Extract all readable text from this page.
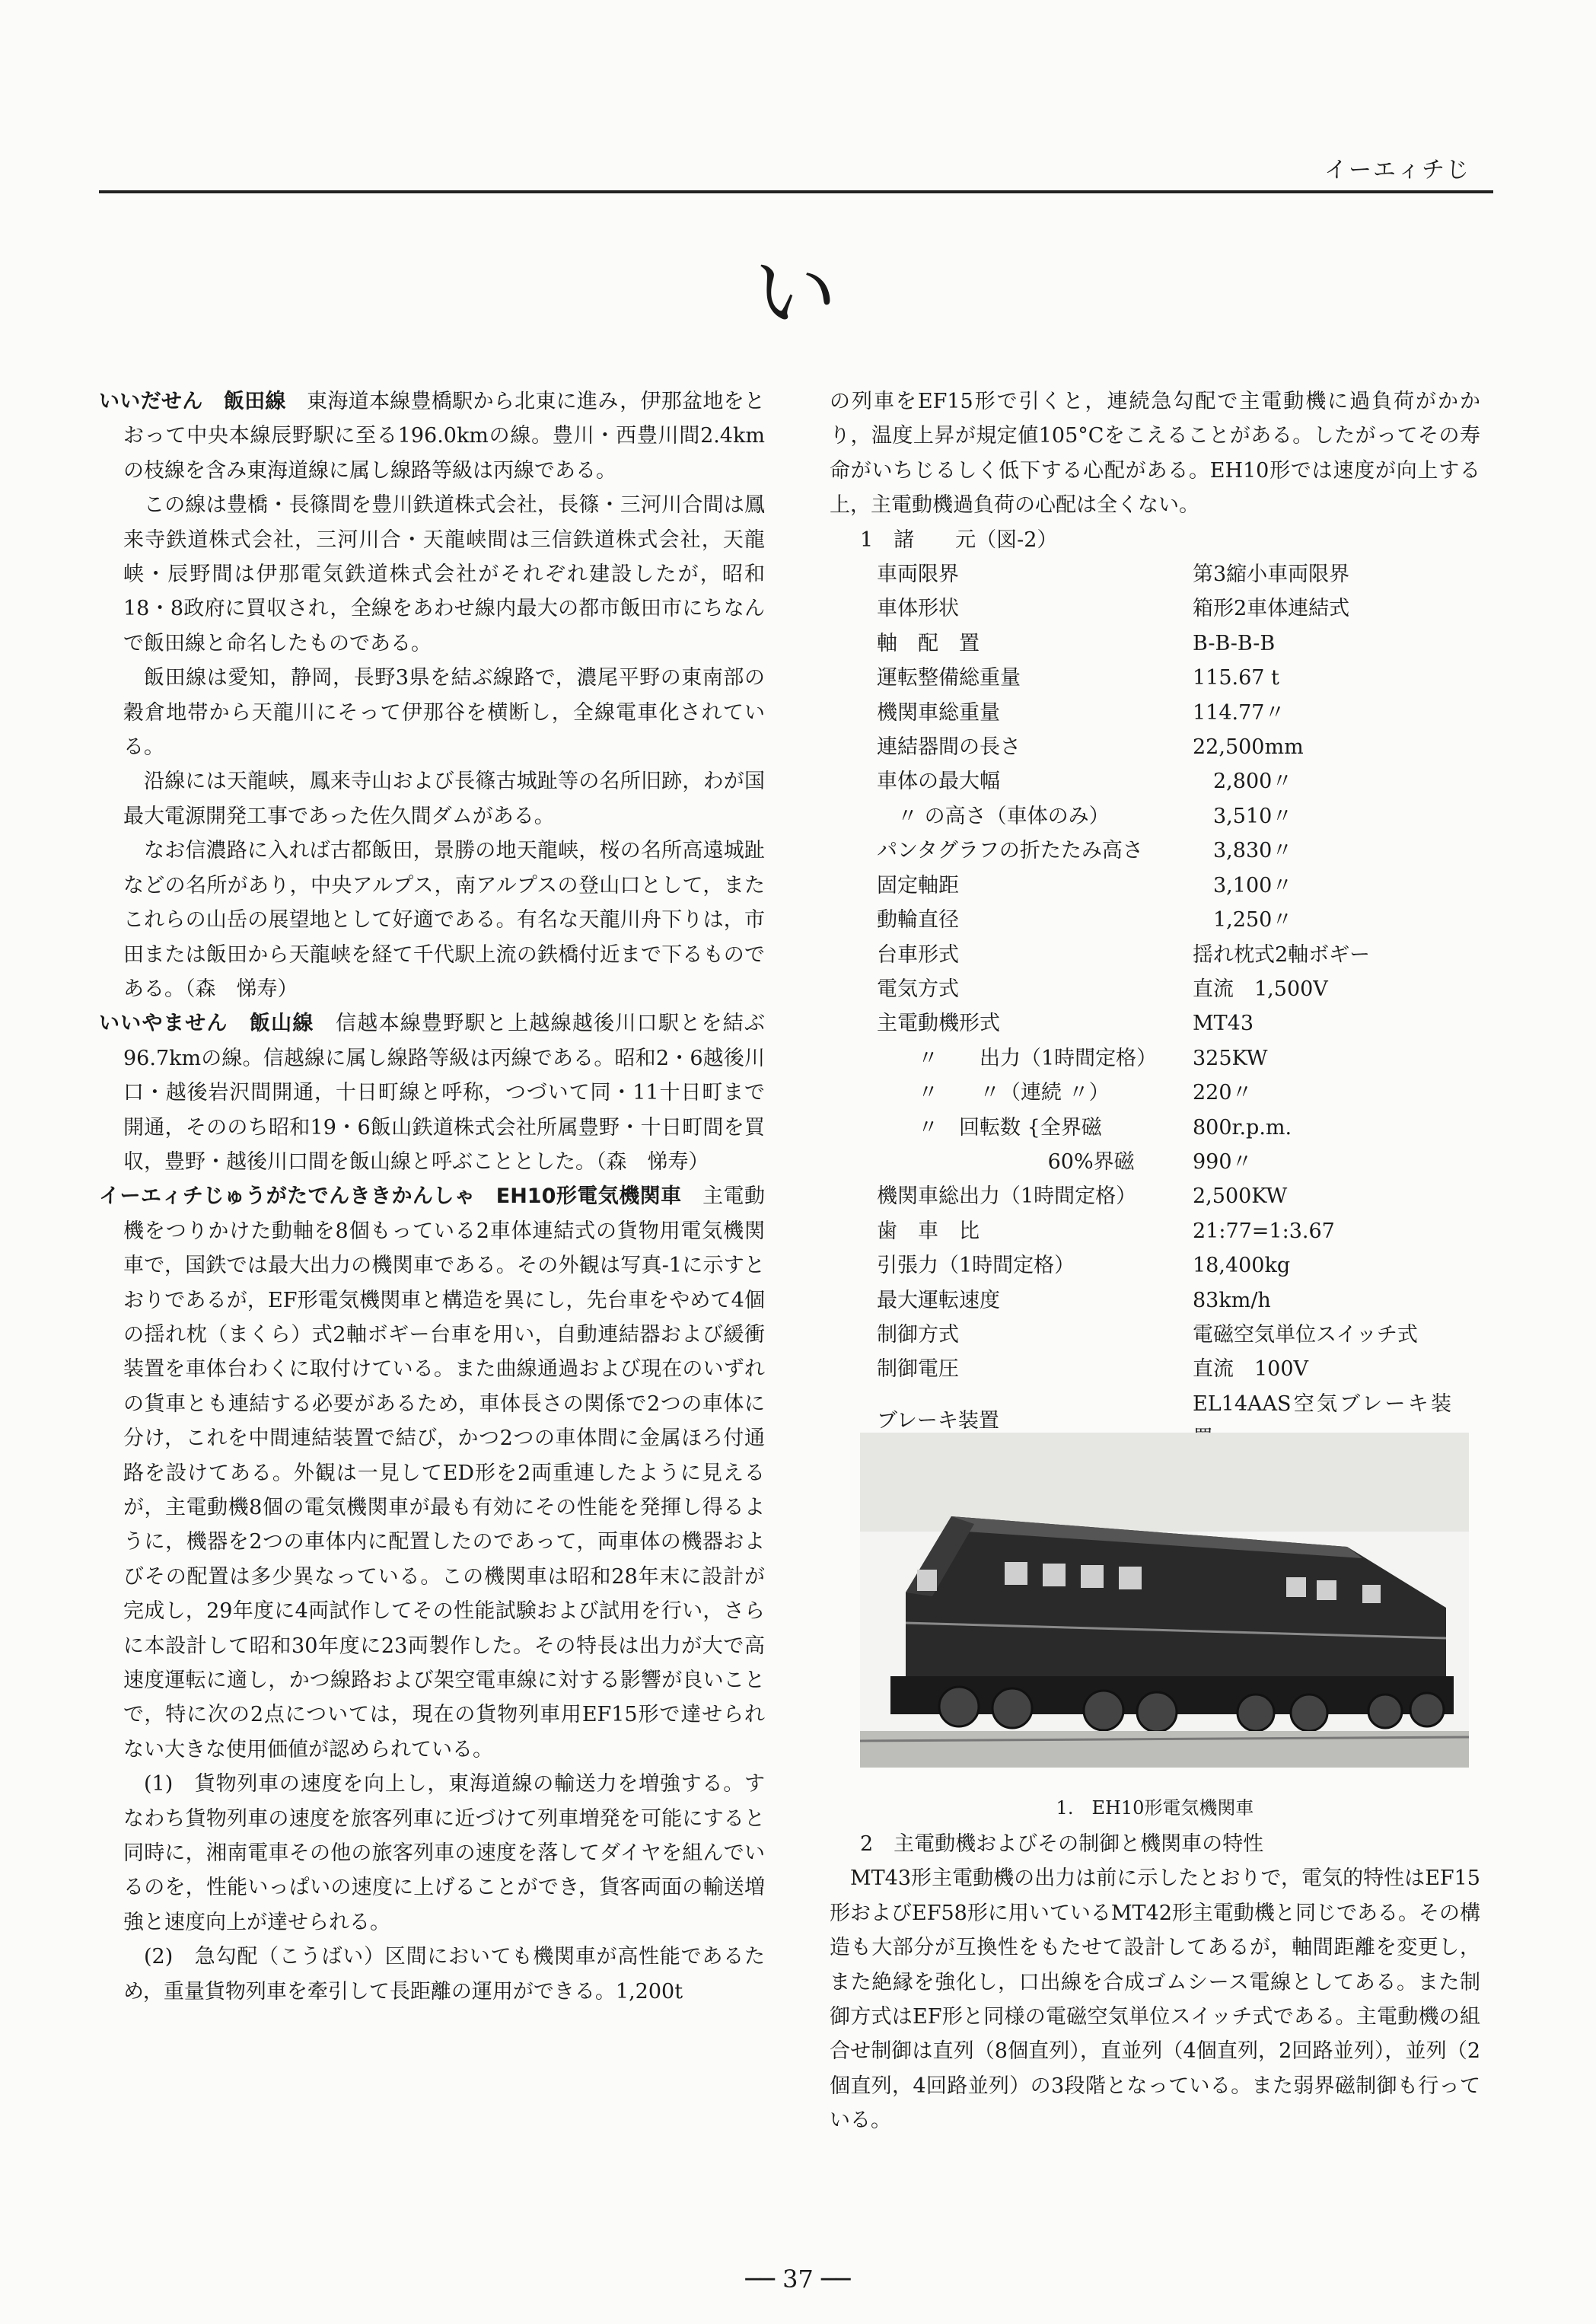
イーエィチじ
い

いいだせん　飯田線　東海道本線豊橋駅から北東に進み，伊那盆地をとおって中央本線辰野駅に至る196.0kmの線。豊川・西豊川間2.4kmの枝線を含み東海道線に属し線路等級は丙線である。

この線は豊橋・長篠間を豊川鉄道株式会社，長篠・三河川合間は鳳来寺鉄道株式会社，三河川合・天龍峡間は三信鉄道株式会社，天龍峡・辰野間は伊那電気鉄道株式会社がそれぞれ建設したが，昭和18・8政府に買収され，全線をあわせ線内最大の都市飯田市にちなんで飯田線と命名したものである。

飯田線は愛知，静岡，長野3県を結ぶ線路で，濃尾平野の東南部の穀倉地帯から天龍川にそって伊那谷を横断し，全線電車化されている。

沿線には天龍峡，鳳来寺山および長篠古城趾等の名所旧跡，わが国最大電源開発工事であった佐久間ダムがある。

なお信濃路に入れば古都飯田，景勝の地天龍峡，桜の名所高遠城趾などの名所があり，中央アルプス，南アルプスの登山口として，またこれらの山岳の展望地として好適である。有名な天龍川舟下りは，市田または飯田から天龍峡を経て千代駅上流の鉄橋付近まで下るものである。（森　悌寿）

いいやません　飯山線　信越本線豊野駅と上越線越後川口駅とを結ぶ96.7kmの線。信越線に属し線路等級は丙線である。昭和2・6越後川口・越後岩沢間開通，十日町線と呼称，つづいて同・11十日町まで開通，そののち昭和19・6飯山鉄道株式会社所属豊野・十日町間を買収，豊野・越後川口間を飯山線と呼ぶこととした。（森　悌寿）

イーエィチじゅうがたでんききかんしゃ　EH10形電気機関車　主電動機をつりかけた動軸を8個もっている2車体連結式の貨物用電気機関車で，国鉄では最大出力の機関車である。その外観は写真-1に示すとおりであるが，EF形電気機関車と構造を異にし，先台車をやめて4個の揺れ枕（まくら）式2軸ボギー台車を用い，自動連結器および緩衝装置を車体台わくに取付けている。また曲線通過および現在のいずれの貨車とも連結する必要があるため，車体長さの関係で2つの車体に分け，これを中間連結装置で結び，かつ2つの車体間に金属ほろ付通路を設けてある。外観は一見してED形を2両重連したように見えるが，主電動機8個の電気機関車が最も有効にその性能を発揮し得るように，機器を2つの車体内に配置したのであって，両車体の機器およびその配置は多少異なっている。この機関車は昭和28年末に設計が完成し，29年度に4両試作してその性能試験および試用を行い，さらに本設計して昭和30年度に23両製作した。その特長は出力が大で高速度運転に適し，かつ線路および架空電車線に対する影響が良いことで，特に次の2点については，現在の貨物列車用EF15形で達せられない大きな使用価値が認められている。

(1)　貨物列車の速度を向上し，東海道線の輸送力を増強する。すなわち貨物列車の速度を旅客列車に近づけて列車増発を可能にすると同時に，湘南電車その他の旅客列車の速度を落してダイヤを組んでいるのを，性能いっぱいの速度に上げることができ，貨客両面の輸送増強と速度向上が達せられる。

(2)　急勾配（こうばい）区間においても機関車が高性能であるため，重量貨物列車を牽引して長距離の運用ができる。1,200t

の列車をEF15形で引くと，連続急勾配で主電動機に過負荷がかかり，温度上昇が規定値105°Cをこえることがある。したがってその寿命がいちじるしく低下する心配がある。EH10形では速度が向上する上，主電動機過負荷の心配は全くない。

1　諸　　元（図-2）

車両限界	第3縮小車両限界
車体形状	箱形2車体連結式
軸　配　置	B-B-B-B
運転整備総重量	115.67 t
機関車総重量	114.77〃
連結器間の長さ	22,500mm
車体の最大幅	　2,800〃
　〃 の高さ（車体のみ）	　3,510〃
パンタグラフの折たたみ高さ	　3,830〃
固定軸距	　3,100〃
動輪直径	　1,250〃
台車形式	揺れ枕式2軸ボギー
電気方式	直流　1,500V
主電動機形式	MT43
　　〃　　出力（1時間定格）	325KW
　　〃　　〃（連続 〃）	220〃
　　〃　回転数 {全界磁	800r.p.m.
　　　　　　　　 60%界磁	990〃
機関車総出力（1時間定格）	2,500KW
歯　車　比	21:77=1:3.67
引張力（1時間定格）	18,400kg
最大運転速度	83km/h
制御方式	電磁空気単位スイッチ式
制御電圧	直流　100V
ブレーキ装置	EL14AAS空気ブレーキ装
1.　EH10形電気機関車

2　主電動機およびその制御と機関車の特性

MT43形主電動機の出力は前に示したとおりで，電気的特性はEF15形およびEF58形に用いているMT42形主電動機と同じである。その構造も大部分が互換性をもたせて設計してあるが，軸間距離を変更し，また絶縁を強化し，口出線を合成ゴムシース電線としてある。また制御方式はEF形と同様の電磁空気単位スイッチ式である。主電動機の組合せ制御は直列（8個直列），直並列（4個直列，2回路並列），並列（2個直列，4回路並列）の3段階となっている。また弱界磁制御も行っている。

── 37 ──
